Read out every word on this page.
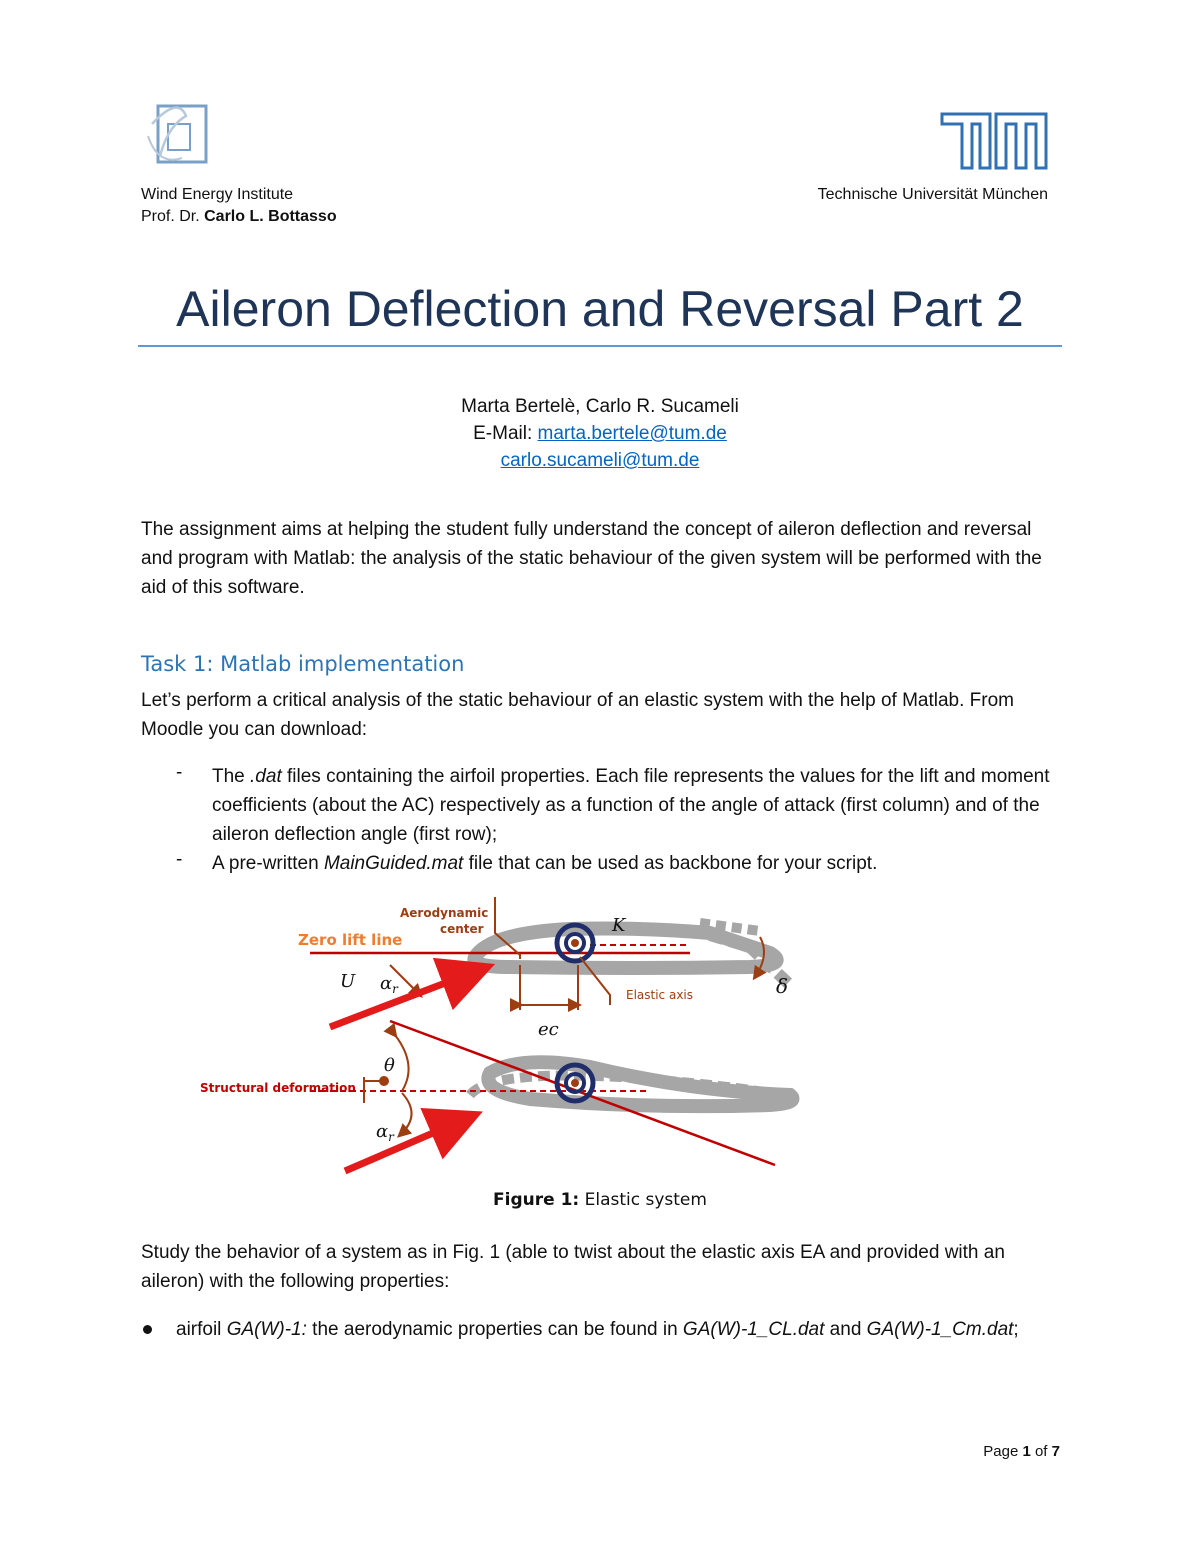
Wind Energy Institute
Prof. Dr. Carlo L. Bottasso
Technische Universität München
Aileron Deflection and Reversal Part 2
Marta Bertelè, Carlo R. Sucameli
E-Mail: marta.bertele@tum.de
carlo.sucameli@tum.de
The assignment aims at helping the student fully understand the concept of aileron deflection and reversal and program with Matlab: the analysis of the static behaviour of the given system will be performed with the aid of this software.
Task 1: Matlab implementation
Let’s perform a critical analysis of the static behaviour of an elastic system with the help of Matlab. From Moodle you can download:
- The .dat files containing the airfoil properties. Each file represents the values for the lift and moment coefficients (about the AC) respectively as a function of the angle of attack (first column) and of the aileron deflection angle (first row);
- A pre-written MainGuided.mat file that can be used as backbone for your script.
Aerodynamic
center
Zero lift line
K
Elastic axis	δ
$\alpha_r$
U
ec
θ
$\alpha_r$
Structural deformation
Figure 1: Elastic system
Study the behavior of a system as in Fig. 1 (able to twist about the elastic axis EA and provided with an aileron) with the following properties:
airfoil GA(W)-1: the aerodynamic properties can be found in GA(W)-1_CL.dat and GA(W)-1_Cm.dat;
Page 1 of 7
